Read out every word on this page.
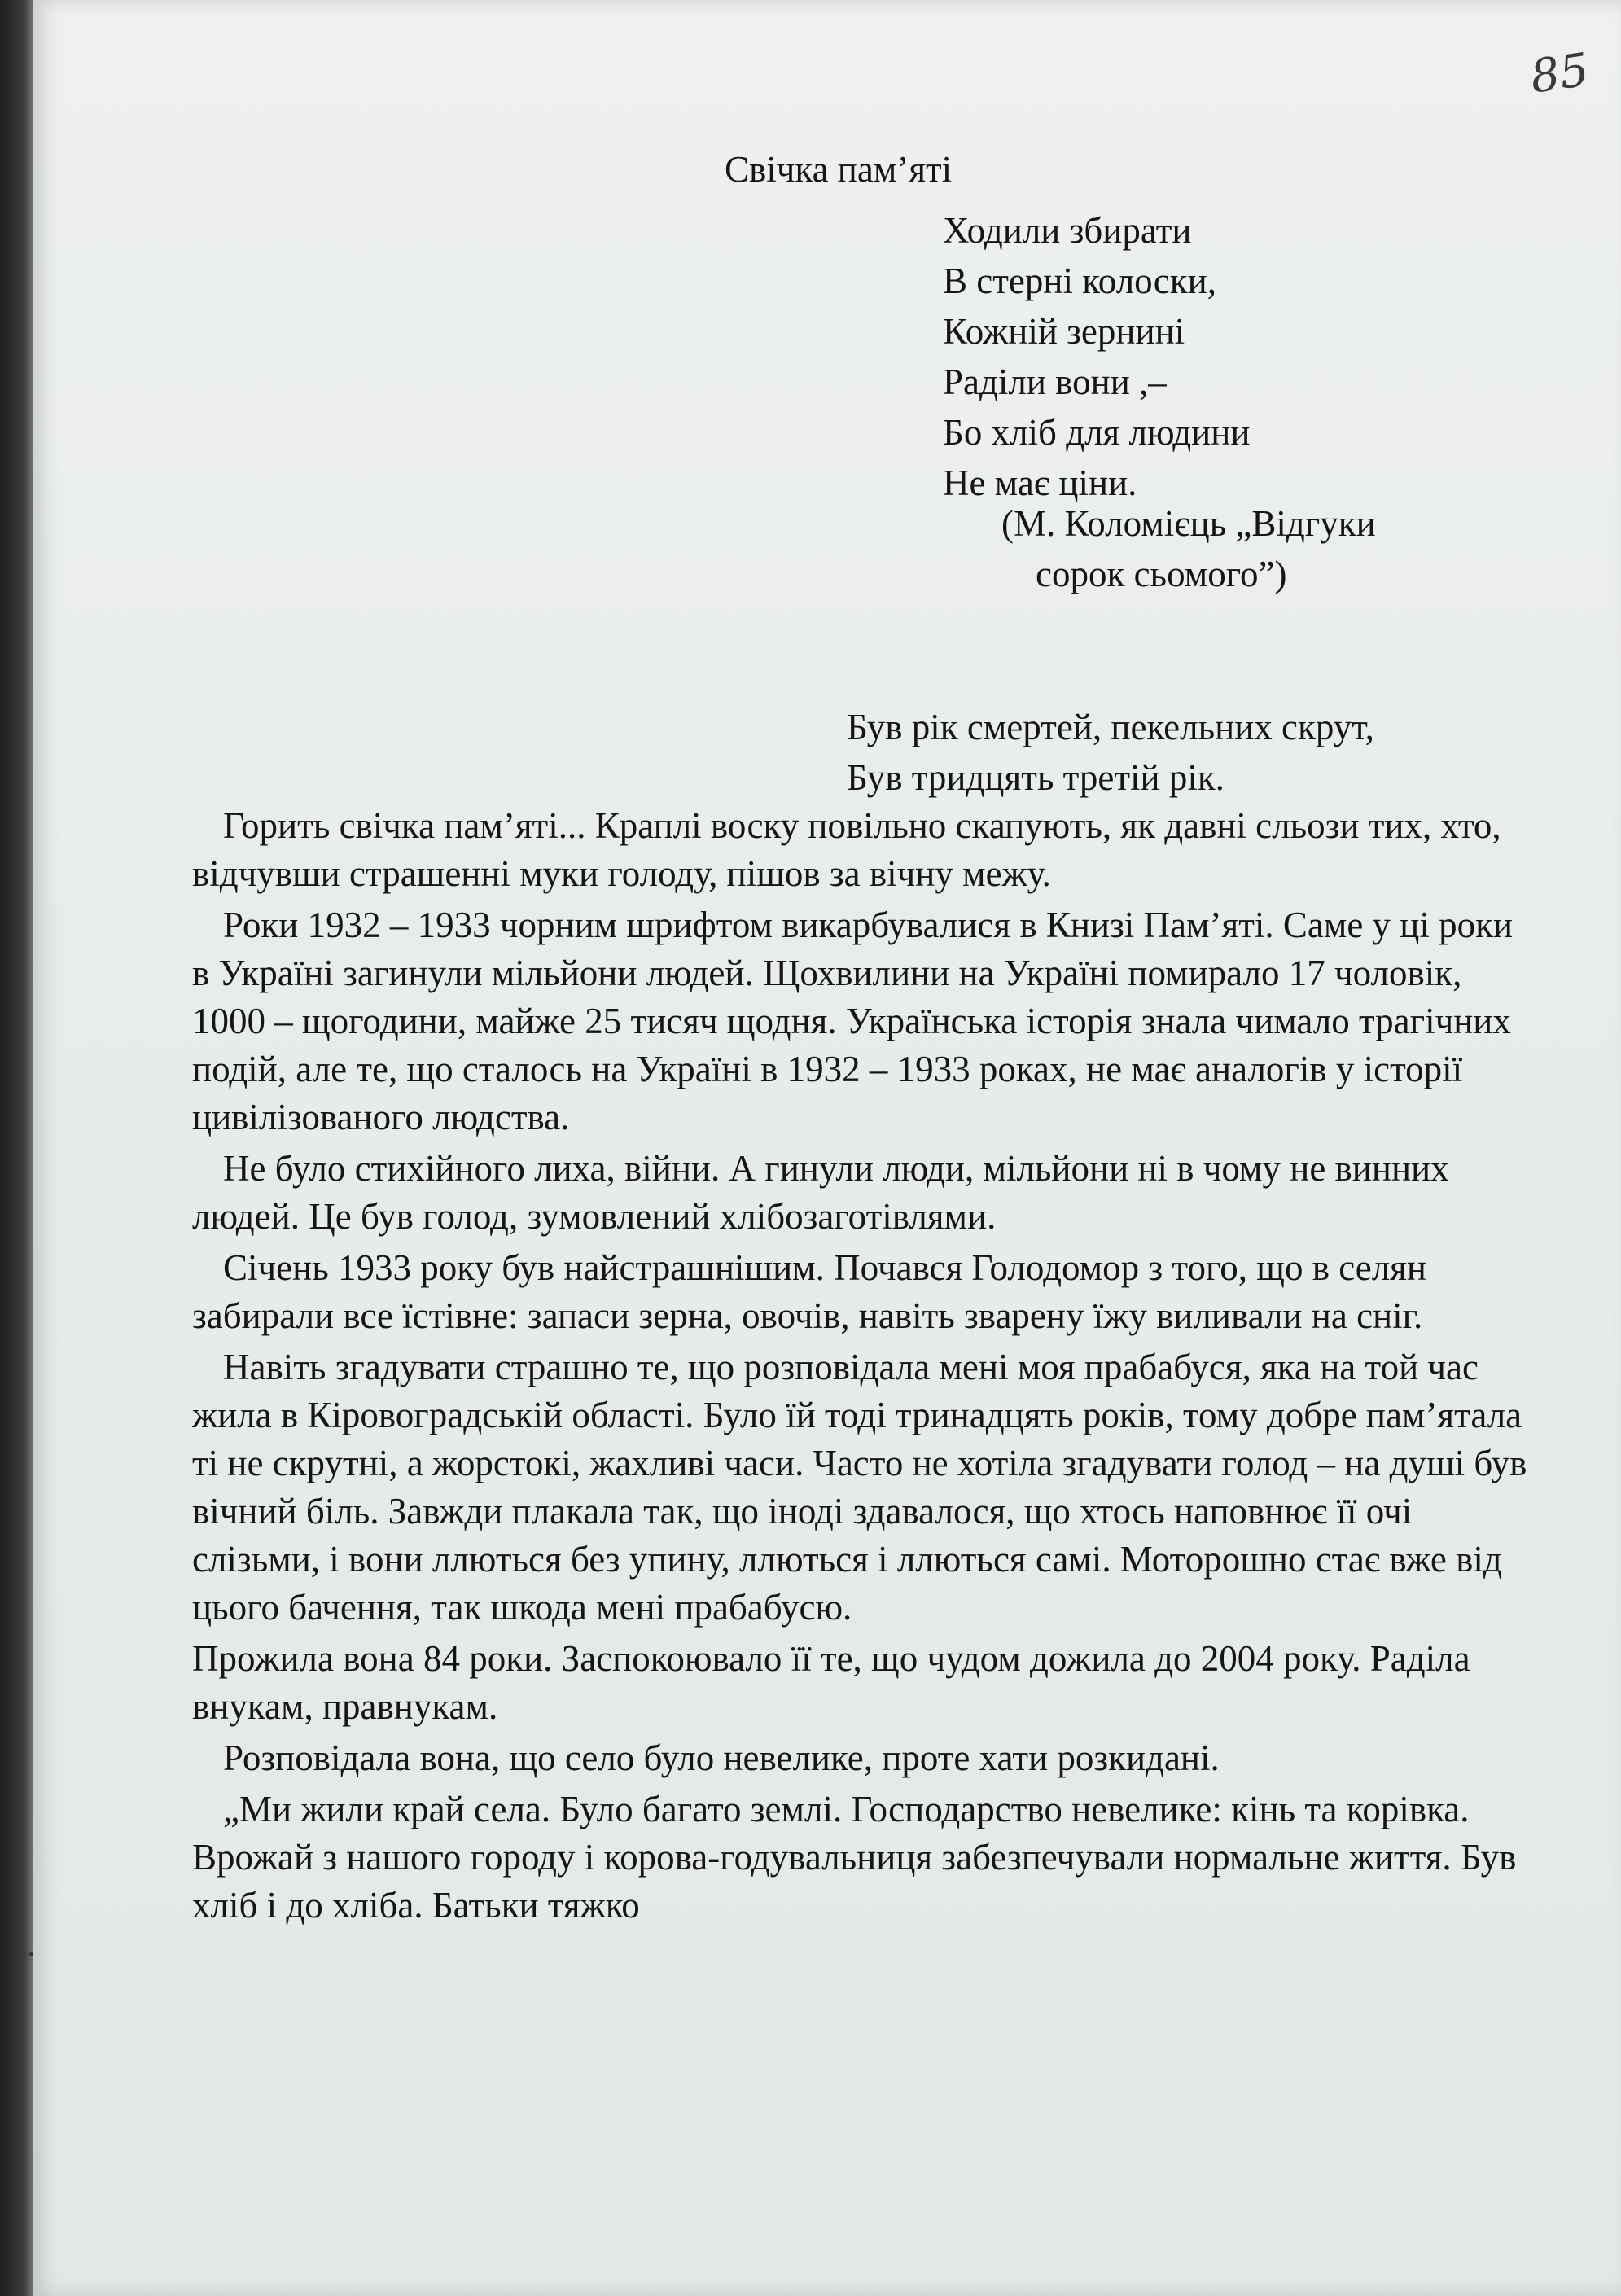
85
Свічка пам’яті
Ходили збирати
В стерні колоски,
Кожній зернині
Раділи вони ,–
Бо хліб для людини
Не має ціни.
(М. Коломієць „Відгуки
сорок сьомого”)
Був рік смертей, пекельних скрут,
Був тридцять третій рік.

Горить свічка пам’яті... Краплі воску повільно скапують, як давні сльози тих, хто, відчувши страшенні муки голоду, пішов за вічну межу.

Роки 1932 – 1933 чорним шрифтом викарбувалися в Книзі Пам’яті. Саме у ці роки в Україні загинули мільйони людей. Щохвилини на Україні помирало 17 чоловік, 1000 – щогодини, майже 25 тисяч щодня. Українська історія знала чимало трагічних подій, але те, що сталось на Україні в 1932 – 1933 роках, не має аналогів у історії цивілізованого людства.

Не було стихійного лиха, війни. А гинули люди, мільйони ні в чому не винних людей. Це був голод, зумовлений хлібозаготівлями.

Січень 1933 року був найстрашнішим. Почався Голодомор з того, що в селян забирали все їстівне: запаси зерна, овочів, навіть зварену їжу виливали на сніг.

Навіть згадувати страшно те, що розповідала мені моя прабабуся, яка на той час жила в Кіровоградській області. Було їй тоді тринадцять років, тому добре пам’ятала ті не скрутні, а жорстокі, жахливі часи. Часто не хотіла згадувати голод – на душі був вічний біль. Завжди плакала так, що іноді здавалося, що хтось наповнює її очі слізьми, і вони ллються без упину, ллються і ллються самі. Моторошно стає вже від цього бачення, так шкода мені прабабусю.

Прожила вона 84 роки. Заспокоювало її те, що чудом дожила до 2004 року. Раділа внукам, правнукам.

Розповідала вона, що село було невелике, проте хати розкидані.

„Ми жили край села. Було багато землі. Господарство невелике: кінь та корівка. Врожай з нашого городу і корова-годувальниця забезпечували нормальне життя. Був хліб і до хліба. Батьки тяжко
